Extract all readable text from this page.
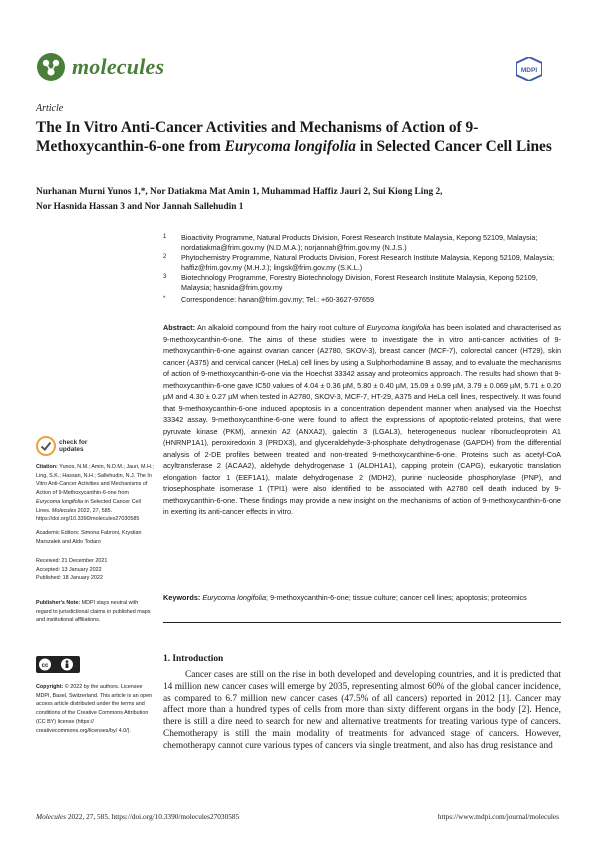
molecules	MDPI
Article
The In Vitro Anti-Cancer Activities and Mechanisms of Action of 9-Methoxycanthin-6-one from Eurycoma longifolia in Selected Cancer Cell Lines
Nurhanan Murni Yunos 1,*, Nor Datiakma Mat Amin 1, Muhammad Haffiz Jauri 2, Sui Kiong Ling 2,
Nor Hasnida Hassan 3 and Nor Jannah Sallehudin 1
1 Bioactivity Programme, Natural Products Division, Forest Research Institute Malaysia, Kepong 52109, Malaysia; nordatiakma@frim.gov.my (N.D.M.A.); norjannah@frim.gov.my (N.J.S.)
2 Phytochemistry Programme, Natural Products Division, Forest Research Institute Malaysia, Kepong 52109, Malaysia; haffiz@frim.gov.my (M.H.J.); lingsk@frim.gov.my (S.K.L.)
3 Biotechnology Programme, Forestry Biotechnology Division, Forest Research Institute Malaysia, Kepong 52109, Malaysia; hasnida@frim.gov.my
* Correspondence: hanan@frim.gov.my; Tel.: +60-3627-97659
Abstract: An alkaloid compound from the hairy root culture of Eurycoma longifolia has been isolated and characterised as 9-methoxycanthin-6-one. The aims of these studies were to investigate the in vitro anti-cancer activities of 9-methoxycanthin-6-one against ovarian cancer (A2780, SKOV-3), breast cancer (MCF-7), colorectal cancer (HT29), skin cancer (A375) and cervical cancer (HeLa) cell lines by using a Sulphorhodamine B assay, and to evaluate the mechanisms of action of 9-methoxycanthin-6-one via the Hoechst 33342 assay and proteomics approach. The results had shown that 9-methoxycanthin-6-one gave IC50 values of 4.04 ± 0.36 µM, 5.80 ± 0.40 µM, 15.09 ± 0.99 µM, 3.79 ± 0.069 µM, 5.71 ± 0.20 µM and 4.30 ± 0.27 µM when tested in A2780, SKOV-3, MCF-7, HT-29, A375 and HeLa cell lines, respectively. It was found that 9-methoxycanthin-6-one induced apoptosis in a concentration dependent manner when analysed via the Hoechst 33342 assay. 9-methoxycanthine-6-one were found to affect the expressions of apoptotic-related proteins, that were pyruvate kinase (PKM), annexin A2 (ANXA2), galectin 3 (LGAL3), heterogeneous nuclear ribonucleoprotein A1 (HNRNP1A1), peroxiredoxin 3 (PRDX3), and glyceraldehyde-3-phosphate dehydrogenase (GAPDH) from the differential analysis of 2-DE profiles between treated and non-treated 9-methoxycanthine-6-one. Proteins such as acetyl-CoA acyltransferase 2 (ACAA2), aldehyde dehydrogenase 1 (ALDH1A1), capping protein (CAPG), eukaryotic translation elongation factor 1 (EEF1A1), malate dehydrogenase 2 (MDH2), purine nucleoside phosphorylase (PNP), and triosephosphate isomerase 1 (TPI1) were also identified to be associated with A2780 cell death induced by 9-methoxycanthin-6-one. These findings may provide a new insight on the mechanisms of action of 9-methoxycanthin-6-one in exerting its anti-cancer effects in vitro.
Keywords: Eurycoma longifolia; 9-methoxycanthin-6-one; tissue culture; cancer cell lines; apoptosis; proteomics
check for
updates
Citation: Yunos, N.M.; Amin, N.D.M.; Jauri, M.H.; Ling, S.K.; Hassan, N.H.; Sallehudin, N.J. The In Vitro Anti-Cancer Activities and Mechanisms of Action of 9-Methoxycanthin-6-one from Eurycoma longifolia in Selected Cancer Cell Lines. Molecules 2022, 27, 585. https://doi.org/10.3390/molecules27030585
Academic Editors: Simona Fabroni, Krystian Marszałek and Aldo Todaro
Received: 21 December 2021
Accepted: 13 January 2022
Published: 18 January 2022
Publisher's Note: MDPI stays neutral with regard to jurisdictional claims in published maps and institutional affiliations.
cc
Copyright: © 2022 by the authors. Licensee MDPI, Basel, Switzerland. This article is an open access article distributed under the terms and conditions of the Creative Commons Attribution (CC BY) license (https:// creativecommons.org/licenses/by/ 4.0/).
1. Introduction
Cancer cases are still on the rise in both developed and developing countries, and it is predicted that 14 million new cancer cases will emerge by 2035, representing almost 60% of the global cancer incidence, as compared to 6.7 million new cancer cases (47.5% of all cancers) reported in 2012 [1]. Cancer may affect more than a hundred types of cells from more than sixty different organs in the body [2]. Hence, there is still a dire need to search for new and alternative treatments for treating various type of cancers. Chemotherapy is still the main modality of treatments for advanced stage of cancers. However, chemotherapy cannot cure various types of cancers via single treatment, and also has drug resistance and
Molecules 2022, 27, 585. https://doi.org/10.3390/molecules27030585	https://www.mdpi.com/journal/molecules
